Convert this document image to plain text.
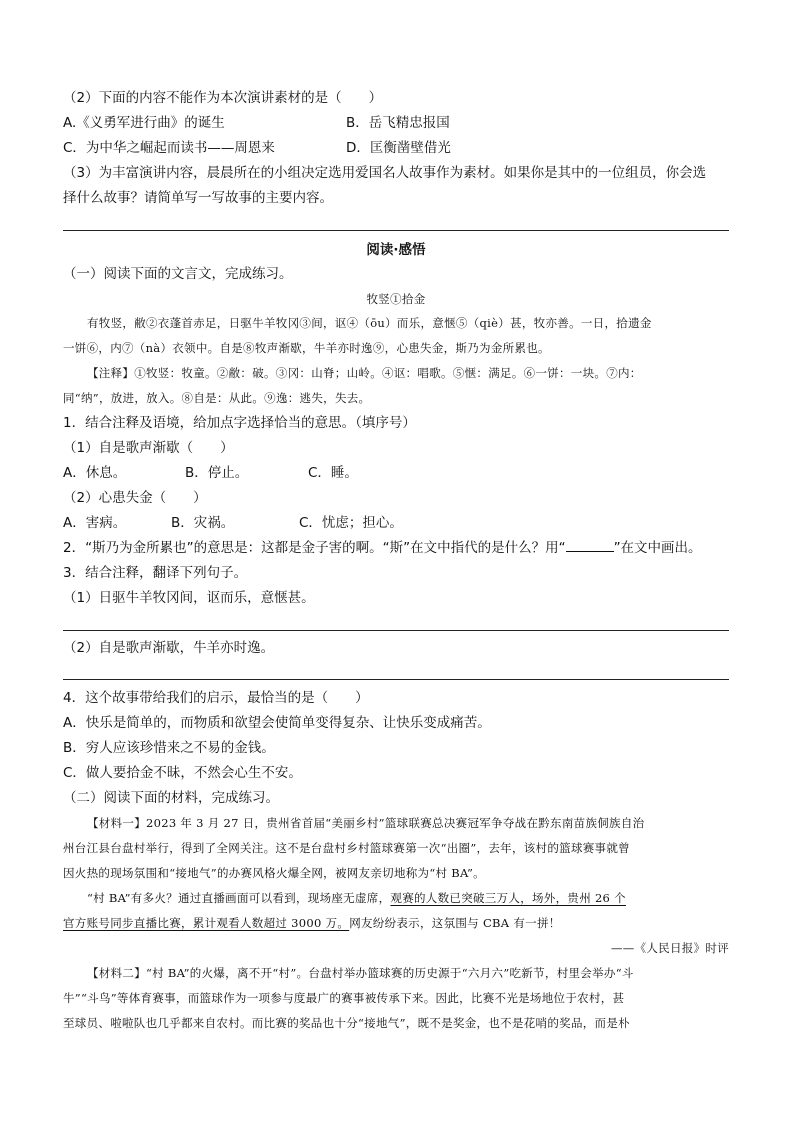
（2）下面的内容不能作为本次演讲素材的是（　　）
A.《义勇军进行曲》的诞生	B．岳飞精忠报国
C．为中华之崛起而读书——周恩来	D．匡衡凿壁借光
（3）为丰富演讲内容，晨晨所在的小组决定选用爱国名人故事作为素材。如果你是其中的一位组员，你会选
择什么故事？请简单写一写故事的主要内容。
阅读·感悟
（一）阅读下面的文言文，完成练习。
牧竖①拾金
有牧竖，敝②衣蓬首赤足，日驱牛羊牧冈③间，讴④（ōu）而乐，意惬⑤（qiè）甚，牧亦善。一日，拾遗金
一饼⑥，内⑦（nà）衣领中。自是⑧牧声渐歇，牛羊亦时逸⑨，心患失金，斯乃为金所累也。
【注释】①牧竖：牧童。②敝：破。③冈：山脊；山岭。④讴：唱歌。⑤惬：满足。⑥一饼：一块。⑦内：
同“纳”，放进，放入。⑧自是：从此。⑨逸：逃失，失去。
1．结合注释及语境，给加点字选择恰当的意思。（填序号）
（1）自是歌声渐歇（　　）
A．休息。	B．停止。	C．睡。
（2）心患失金（　　）
A．害病。	B．灾祸。	C．忧虑；担心。
2．“斯乃为金所累也”的意思是：这都是金子害的啊。“斯”在文中指代的是什么？用“	”在文中画出。
3．结合注释，翻译下列句子。
（1）日驱牛羊牧冈间，讴而乐，意惬甚。
（2）自是歌声渐歇，牛羊亦时逸。
4．这个故事带给我们的启示，最恰当的是（　　）
A．快乐是简单的，而物质和欲望会使简单变得复杂、让快乐变成痛苦。
B．穷人应该珍惜来之不易的金钱。
C．做人要拾金不昧，不然会心生不安。
（二）阅读下面的材料，完成练习。
【材料一】2023 年 3 月 27 日，贵州省首届“美丽乡村”篮球联赛总决赛冠军争夺战在黔东南苗族侗族自治
州台江县台盘村举行，得到了全网关注。这不是台盘村乡村篮球赛第一次“出圈”，去年，该村的篮球赛事就曾
因火热的现场氛围和“接地气”的办赛风格火爆全网，被网友亲切地称为“村 BA”。
“村 BA”有多火？通过直播画面可以看到，现场座无虚席，观赛的人数已突破三万人，场外，贵州 26 个
官方账号同步直播比赛，累计观看人数超过 3000 万。网友纷纷表示，这氛围与 CBA 有一拼！
——《人民日报》时评
【材料二】“村 BA”的火爆，离不开“村”。台盘村举办篮球赛的历史源于“六月六”吃新节，村里会举办“斗
牛”“斗鸟”等体育赛事，而篮球作为一项参与度最广的赛事被传承下来。因此，比赛不光是场地位于农村，甚
至球员、啦啦队也几乎都来自农村。而比赛的奖品也十分“接地气”，既不是奖金，也不是花哨的奖品，而是朴
